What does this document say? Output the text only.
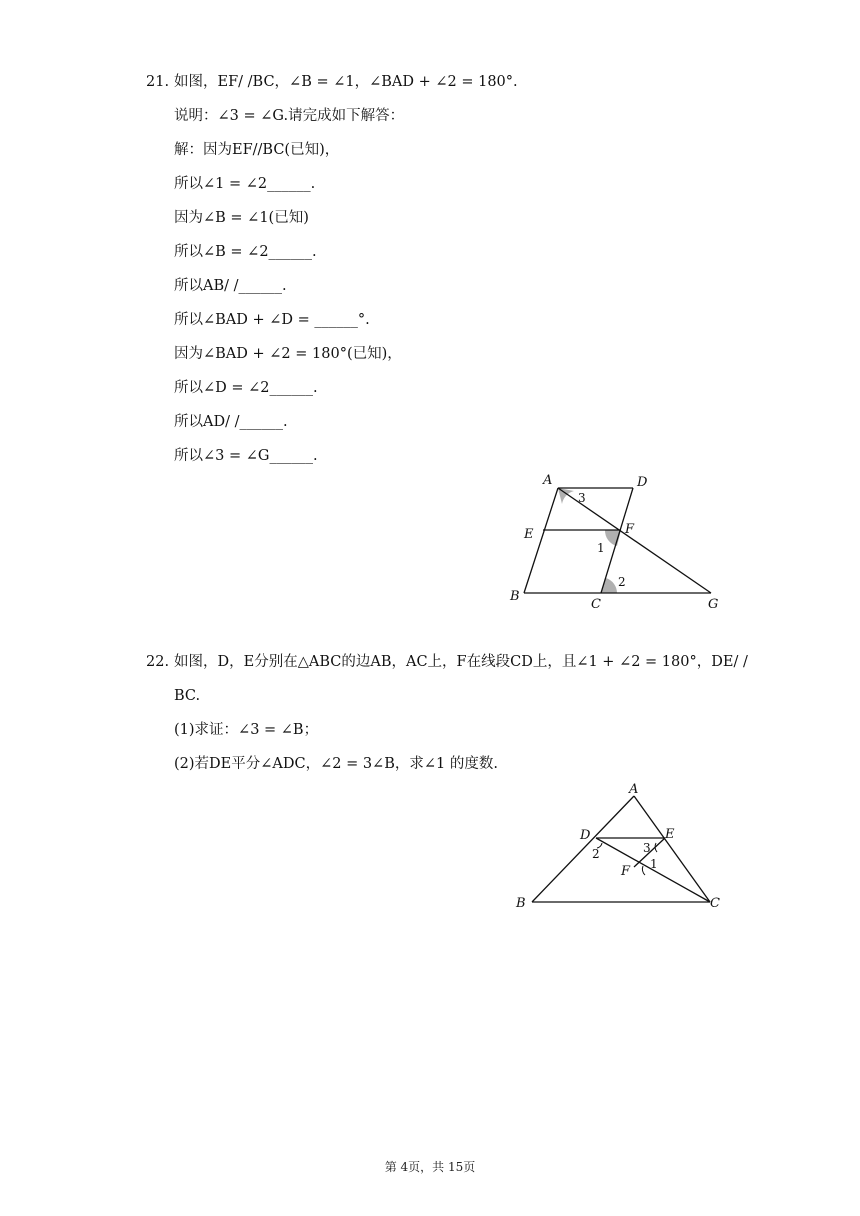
21. 如图，EF/ /BC，∠B = ∠1，∠BAD + ∠2 = 180°.
说明：∠3 = ∠G.请完成如下解答：
解：因为EF//BC(已知)，
所以∠1 = ∠2______.
因为∠B = ∠1(已知)
所以∠B = ∠2______.
所以AB/ /______.
所以∠BAD + ∠D = ______°.
因为∠BAD + ∠2 = 180°(已知)，
所以∠D = ∠2______.
所以AD/ /______.
所以∠3 = ∠G______.
A	D
E	F
B
C	G
3
1
2
22. 如图，D，E分别在△ABC的边AB，AC上，F在线段CD上，且∠1 + ∠2 = 180°，DE/ /
BC.
(1)求证：∠3 = ∠B；
(2)若DE平分∠ADC，∠2 = 3∠B，求∠1 的度数.
A
D	E
F
B	C
2	3
1
第 4页，共 15页
